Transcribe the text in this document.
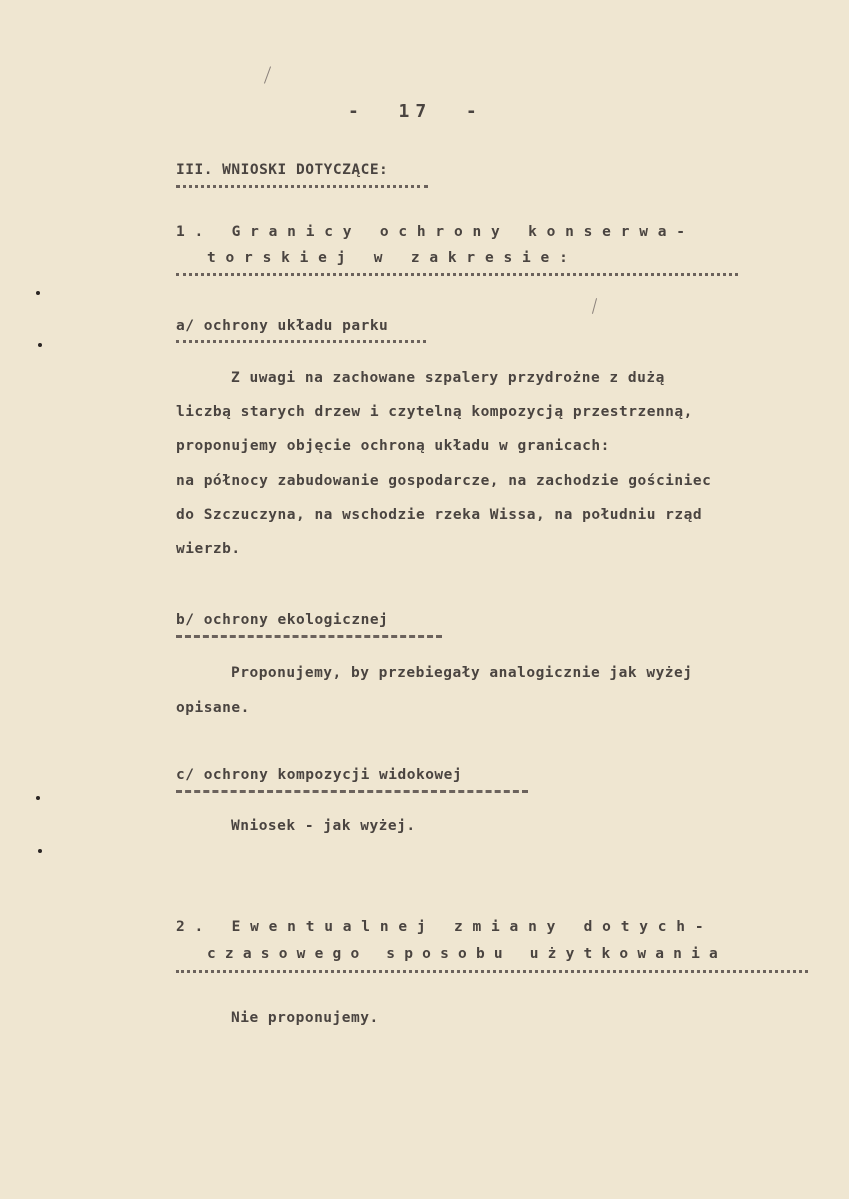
-  17  -
III. WNIOSKI DOTYCZĄCE:
1. Granicy ochrony konserwa-
torskiej w zakresie:
a/ ochrony układu parku
Z uwagi na zachowane szpalery przydrożne z dużą
liczbą starych drzew i czytelną kompozycją przestrzenną,
proponujemy objęcie ochroną układu w granicach:
na północy zabudowanie gospodarcze, na zachodzie gościniec
do Szczuczyna, na wschodzie rzeka Wissa, na południu rząd
wierzb.
b/ ochrony ekologicznej
Proponujemy, by przebiegały analogicznie jak wyżej
opisane.
c/ ochrony kompozycji widokowej
Wniosek - jak wyżej.
2. Ewentualnej zmiany dotych-
czasowego sposobu użytkowania
Nie proponujemy.
